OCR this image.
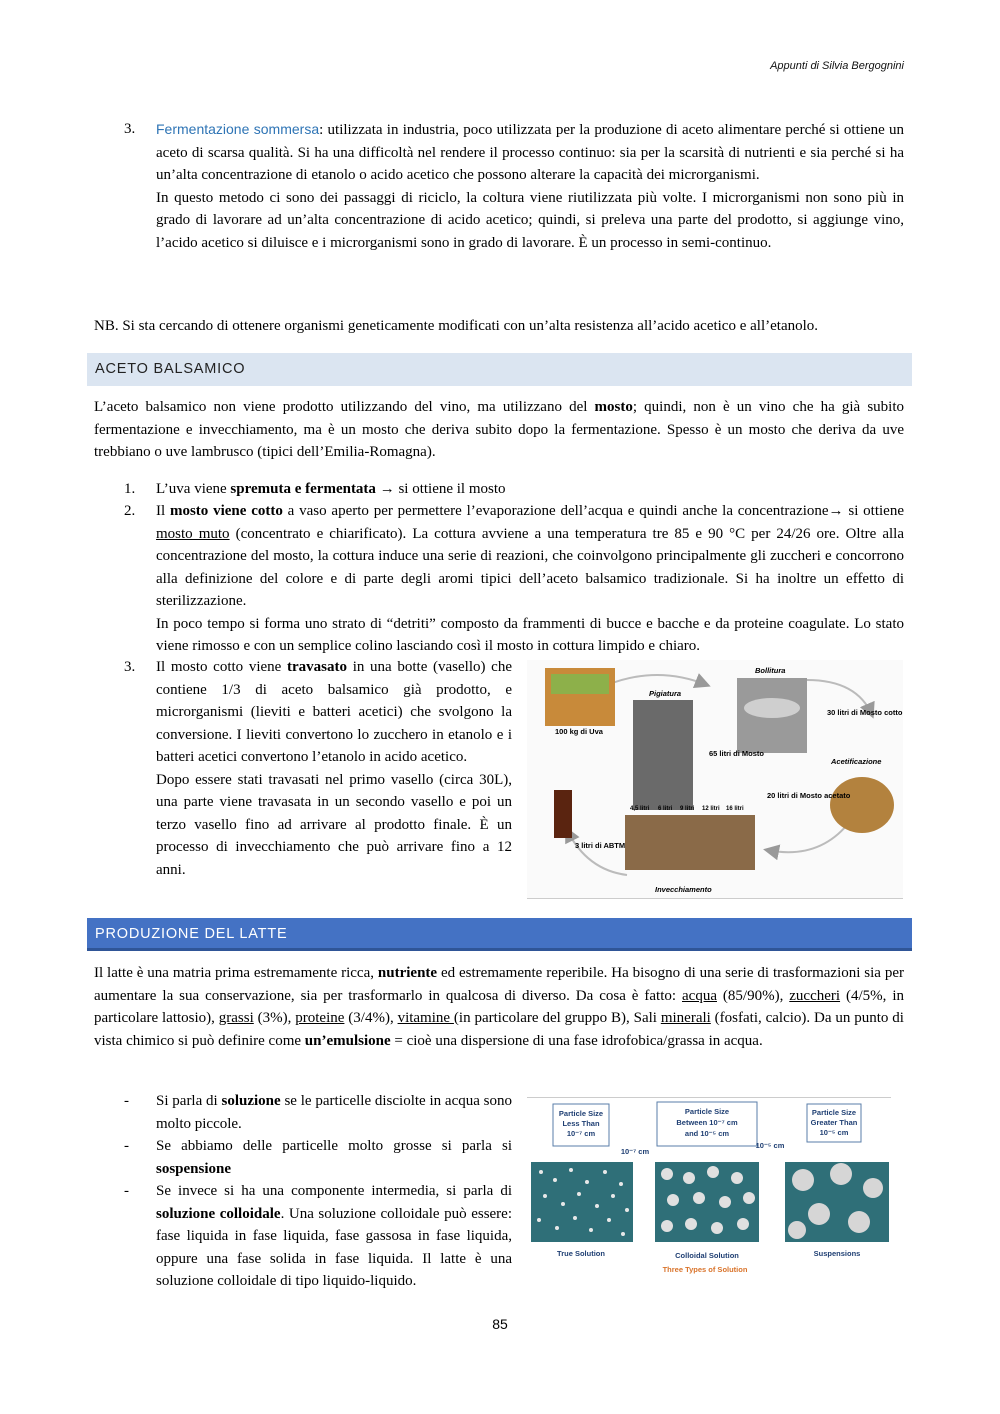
Appunti di Silvia Bergognini
3.	Fermentazione sommersa: utilizzata in industria, poco utilizzata per la produzione di aceto alimentare perché si ottiene un aceto di scarsa qualità. Si ha una difficoltà nel rendere il processo continuo: sia per la scarsità di nutrienti e sia perché si ha un’alta concentrazione di etanolo o acido acetico che possono alterare la capacità dei microrganismi.
In questo metodo ci sono dei passaggi di riciclo, la coltura viene riutilizzata più volte. I microrganismi non sono più in grado di lavorare ad un’alta concentrazione di acido acetico; quindi, si preleva una parte del prodotto, si aggiunge vino, l’acido acetico si diluisce e i microrganismi sono in grado di lavorare. È un processo in semi-continuo.
NB. Si sta cercando di ottenere organismi geneticamente modificati con un’alta resistenza all’acido acetico e all’etanolo.
ACETO BALSAMICO
L’aceto balsamico non viene prodotto utilizzando del vino, ma utilizzano del mosto; quindi, non è un vino che ha già subito fermentazione e invecchiamento, ma è un mosto che deriva subito dopo la fermentazione. Spesso è un mosto che deriva da uve trebbiano o uve lambrusco (tipici dell’Emilia-Romagna).
1.	L’uva viene spremuta e fermentata → si ottiene il mosto
2.	Il mosto viene cotto a vaso aperto per permettere l’evaporazione dell’acqua e quindi anche la concentrazione→ si ottiene mosto muto (concentrato e chiarificato). La cottura avviene a una temperatura tre 85 e 90 °C per 24/26 ore. Oltre alla concentrazione del mosto, la cottura induce una serie di reazioni, che coinvolgono principalmente gli zuccheri e concorrono alla definizione del colore e di parte degli aromi tipici dell’aceto balsamico tradizionale. Si ha inoltre un effetto di sterilizzazione.
In poco tempo si forma uno strato di “detriti” composto da frammenti di bucce e bacche e da proteine coagulate. Lo stato viene rimosso e con un semplice colino lasciando così il mosto in cottura limpido e chiaro.
3.	Il mosto cotto viene travasato in una botte (vasello) che contiene 1/3 di aceto balsamico già prodotto, e microrganismi (lieviti e batteri acetici) che svolgono la conversione. I lieviti convertono lo zucchero in etanolo e i batteri acetici convertono l’etanolo in acido acetico.
Dopo essere stati travasati nel primo vasello (circa 30L), una parte viene travasata in un secondo vasello e poi un terzo vasello fino ad arrivare al prodotto finale. È un processo di invecchiamento che può arrivare fino a 12 anni.
100 kg di Uva
Pigiatura
Bollitura
65 litri di Mosto
30 litri di Mosto cotto
Acetificazione
20 litri di Mosto acetato
4,5 litri 6 litri 9 litri 12 litri 16 litri
3 litri di ABTM
Invecchiamento
PRODUZIONE DEL LATTE
Il latte è una matria prima estremamente ricca, nutriente ed estremamente reperibile. Ha bisogno di una serie di trasformazioni sia per aumentare la sua conservazione, sia per trasformarlo in qualcosa di diverso. Da cosa è fatto: acqua (85/90%), zuccheri (4/5%, in particolare lattosio), grassi (3%), proteine (3/4%), vitamine (in particolare del gruppo B), Sali minerali (fosfati, calcio). Da un punto di vista chimico si può definire come un’emulsione = cioè una dispersione di una fase idrofobica/grassa in acqua.
- Si parla di soluzione se le particelle disciolte in acqua sono molto piccole.
- Se abbiamo delle particelle molto grosse si parla si sospensione
- Se invece si ha una componente intermedia, si parla di soluzione colloidale. Una soluzione colloidale può essere: fase liquida in fase liquida, fase gassosa in fase liquida, oppure una fase solida in fase liquida. Il latte è una soluzione colloidale di tipo liquido-liquido.
Particle Size
Less Than
10⁻⁷ cm
Particle Size
Between 10⁻⁷ cm
and 10⁻⁵ cm
Particle Size
Greater Than
10⁻⁵ cm
10⁻⁷ cm
10⁻⁵ cm
True Solution	Colloidal Solution	Suspensions
Three Types of Solution
85
